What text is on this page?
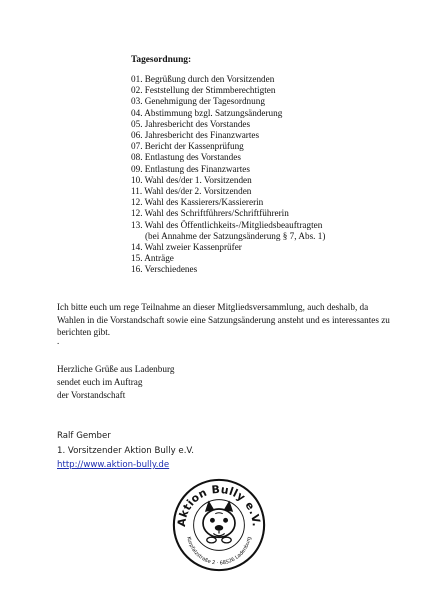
Tagesordnung:

01. Begrüßung durch den Vorsitzenden
02. Feststellung der Stimmberechtigten
03. Genehmigung der Tagesordnung
04. Abstimmung bzgl. Satzungsänderung
05. Jahresbericht des Vorstandes
06. Jahresbericht des Finanzwartes
07. Bericht der Kassenprüfung
08. Entlastung des Vorstandes
09. Entlastung des Finanzwartes
10. Wahl des/der 1. Vorsitzenden
11. Wahl des/der 2. Vorsitzenden
12. Wahl des Kassierers/Kassiererin
12. Wahl des Schriftführers/Schriftführerin
13. Wahl des Öffentlichkeits-/Mitgliedsbeauftragten
(bei Annahme der Satzungsänderung § 7, Abs. 1)
14. Wahl zweier Kassenprüfer
15. Anträge
16. Verschiedenes

Ich bitte euch um rege Teilnahme an dieser Mitgliedsversammlung, auch deshalb, da Wahlen in die Vorstandschaft sowie eine Satzungsänderung ansteht und es interessantes zu berichten gibt.

.

Herzliche Grüße aus Ladenburg
sendet euch im Auftrag
der Vorstandschaft

Ralf Gember
1. Vorsitzender Aktion Bully e.V.
http://www.aktion-bully.de

Aktion Bully e.V.
Kurpfalzstraße 2 · 68526 Ladenburg
